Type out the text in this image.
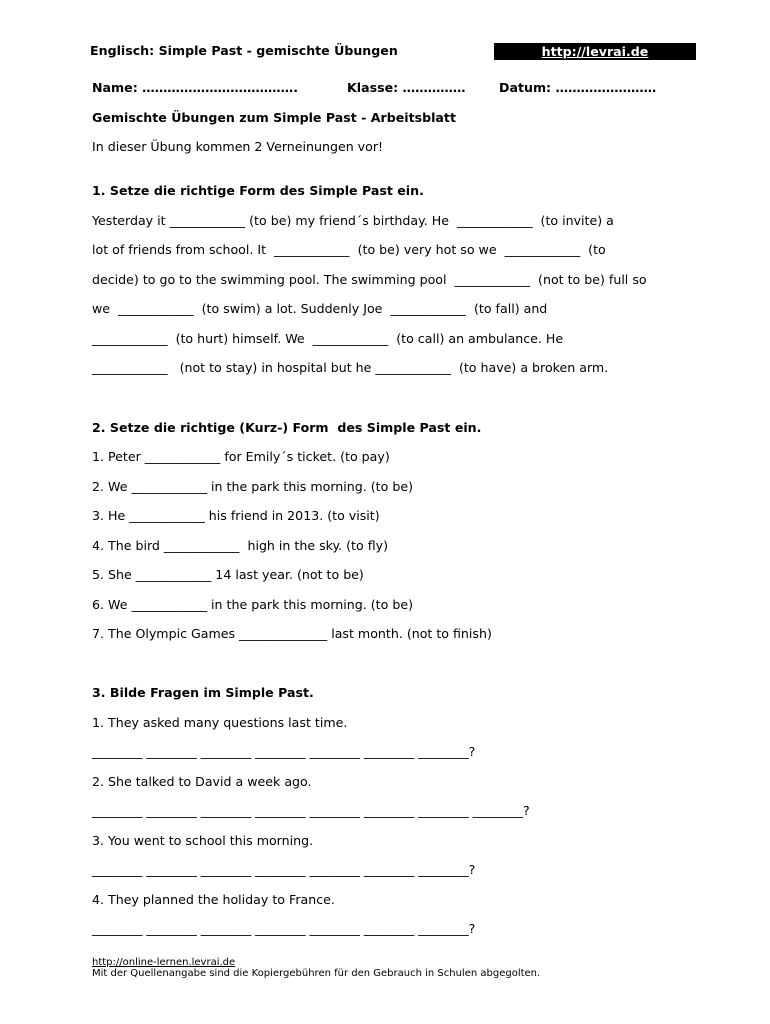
Englisch: Simple Past - gemischte Übungen	http://levrai.de
Name: ……………………………….	Klasse: ……………	Datum: ……………………
Gemischte Übungen zum Simple Past - Arbeitsblatt
In dieser Übung kommen 2 Verneinungen vor!
1. Setze die richtige Form des Simple Past ein.
Yesterday it ____________ (to be) my friend´s birthday. He  ____________  (to invite) a
lot of friends from school. It  ____________  (to be) very hot so we  ____________  (to
decide) to go to the swimming pool. The swimming pool  ____________  (not to be) full so
we  ____________  (to swim) a lot. Suddenly Joe  ____________  (to fall) and
____________  (to hurt) himself. We  ____________  (to call) an ambulance. He
____________   (not to stay) in hospital but he ____________  (to have) a broken arm.
2. Setze die richtige (Kurz-) Form  des Simple Past ein.
1. Peter ____________ for Emily´s ticket. (to pay)
2. We ____________ in the park this morning. (to be)
3. He ____________ his friend in 2013. (to visit)
4. The bird ____________  high in the sky. (to fly)
5. She ____________ 14 last year. (not to be)
6. We ____________ in the park this morning. (to be)
7. The Olympic Games ______________ last month. (not to finish)
3. Bilde Fragen im Simple Past.
1. They asked many questions last time.
________ ________ ________ ________ ________ ________ ________?
2. She talked to David a week ago.
________ ________ ________ ________ ________ ________ ________ ________?
3. You went to school this morning.
________ ________ ________ ________ ________ ________ ________?
4. They planned the holiday to France.
________ ________ ________ ________ ________ ________ ________?
http://online-lernen.levrai.de
Mit der Quellenangabe sind die Kopiergebühren für den Gebrauch in Schulen abgegolten.
